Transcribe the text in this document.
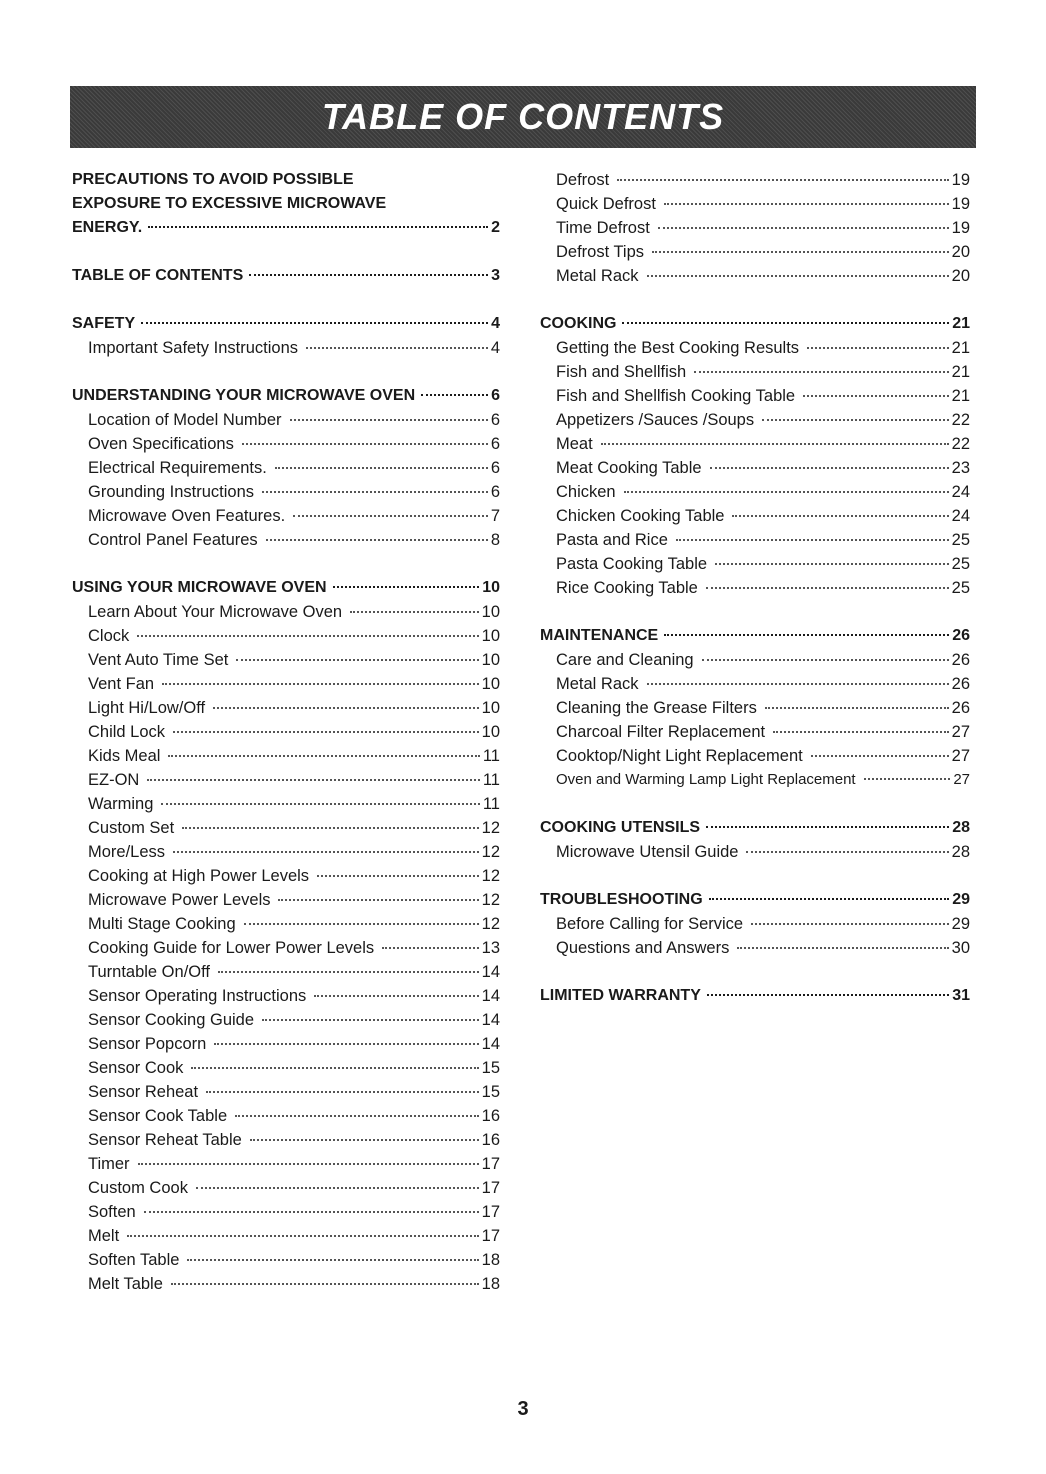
TABLE OF CONTENTS
PRECAUTIONS TO AVOID POSSIBLE
EXPOSURE TO EXCESSIVE MICROWAVE
ENERGY.	2
TABLE OF CONTENTS	3
SAFETY	4
Important Safety Instructions	4
UNDERSTANDING YOUR MICROWAVE OVEN	6
Location of Model Number	6
Oven Specifications	6
Electrical Requirements.	6
Grounding Instructions	6
Microwave Oven Features.	7
Control Panel Features	8
USING YOUR MICROWAVE OVEN	10
Learn About Your Microwave Oven	10
Clock	10
Vent Auto Time Set	10
Vent Fan	10
Light Hi/Low/Off	10
Child Lock	10
Kids Meal	11
EZ-ON	11
Warming	11
Custom Set	12
More/Less	12
Cooking at High Power Levels	12
Microwave Power Levels	12
Multi Stage Cooking	12
Cooking Guide for Lower Power Levels	13
Turntable On/Off	14
Sensor Operating Instructions	14
Sensor Cooking Guide	14
Sensor Popcorn	14
Sensor Cook	15
Sensor Reheat	15
Sensor Cook Table	16
Sensor Reheat Table	16
Timer	17
Custom Cook	17
Soften	17
Melt	17
Soften Table	18
Melt Table	18
Defrost	19
Quick Defrost	19
Time Defrost	19
Defrost Tips	20
Metal Rack	20
COOKING	21
Getting the Best Cooking Results	21
Fish and Shellfish	21
Fish and Shellfish Cooking Table	21
Appetizers /Sauces /Soups	22
Meat	22
Meat Cooking Table	23
Chicken	24
Chicken Cooking Table	24
Pasta and Rice	25
Pasta Cooking Table	25
Rice Cooking Table	25
MAINTENANCE	26
Care and Cleaning	26
Metal Rack	26
Cleaning the Grease Filters	26
Charcoal Filter Replacement	27
Cooktop/Night Light Replacement	27
Oven and Warming Lamp Light Replacement	27
COOKING UTENSILS	28
Microwave Utensil Guide	28
TROUBLESHOOTING	29
Before Calling for Service	29
Questions and Answers	30
LIMITED WARRANTY	31
3
